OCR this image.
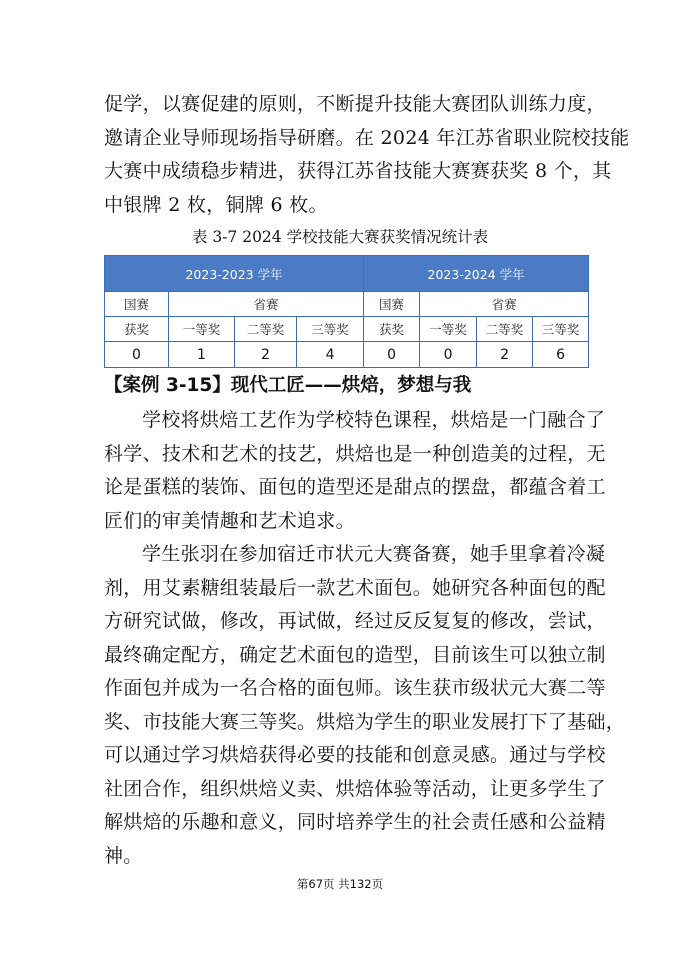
促学，以赛促建的原则，不断提升技能大赛团队训练力度，
邀请企业导师现场指导研磨。在 2024 年江苏省职业院校技能
大赛中成绩稳步精进，获得江苏省技能大赛赛获奖 8 个，其
中银牌 2 枚，铜牌 6 枚。
表 3-7 2024 学校技能大赛获奖情况统计表
2023-2023 学年				2023-2024 学年			
国赛	省赛			国赛	省赛		
获奖	一等奖	二等奖	三等奖	获奖	一等奖	二等奖	三等奖
0	1	2	4	0	0	2	6
【案例 3-15】现代工匠——烘焙，梦想与我
学校将烘焙工艺作为学校特色课程，烘焙是一门融合了
科学、技术和艺术的技艺，烘焙也是一种创造美的过程，无
论是蛋糕的装饰、面包的造型还是甜点的摆盘，都蕴含着工
匠们的审美情趣和艺术追求。
学生张羽在参加宿迁市状元大赛备赛，她手里拿着冷凝
剂，用艾素糖组装最后一款艺术面包。她研究各种面包的配
方研究试做，修改，再试做，经过反反复复的修改，尝试，
最终确定配方，确定艺术面包的造型，目前该生可以独立制
作面包并成为一名合格的面包师。该生获市级状元大赛二等
奖、市技能大赛三等奖。烘焙为学生的职业发展打下了基础，
可以通过学习烘焙获得必要的技能和创意灵感。通过与学校
社团合作，组织烘焙义卖、烘焙体验等活动，让更多学生了
解烘焙的乐趣和意义，同时培养学生的社会责任感和公益精
神。
第67页 共132页
